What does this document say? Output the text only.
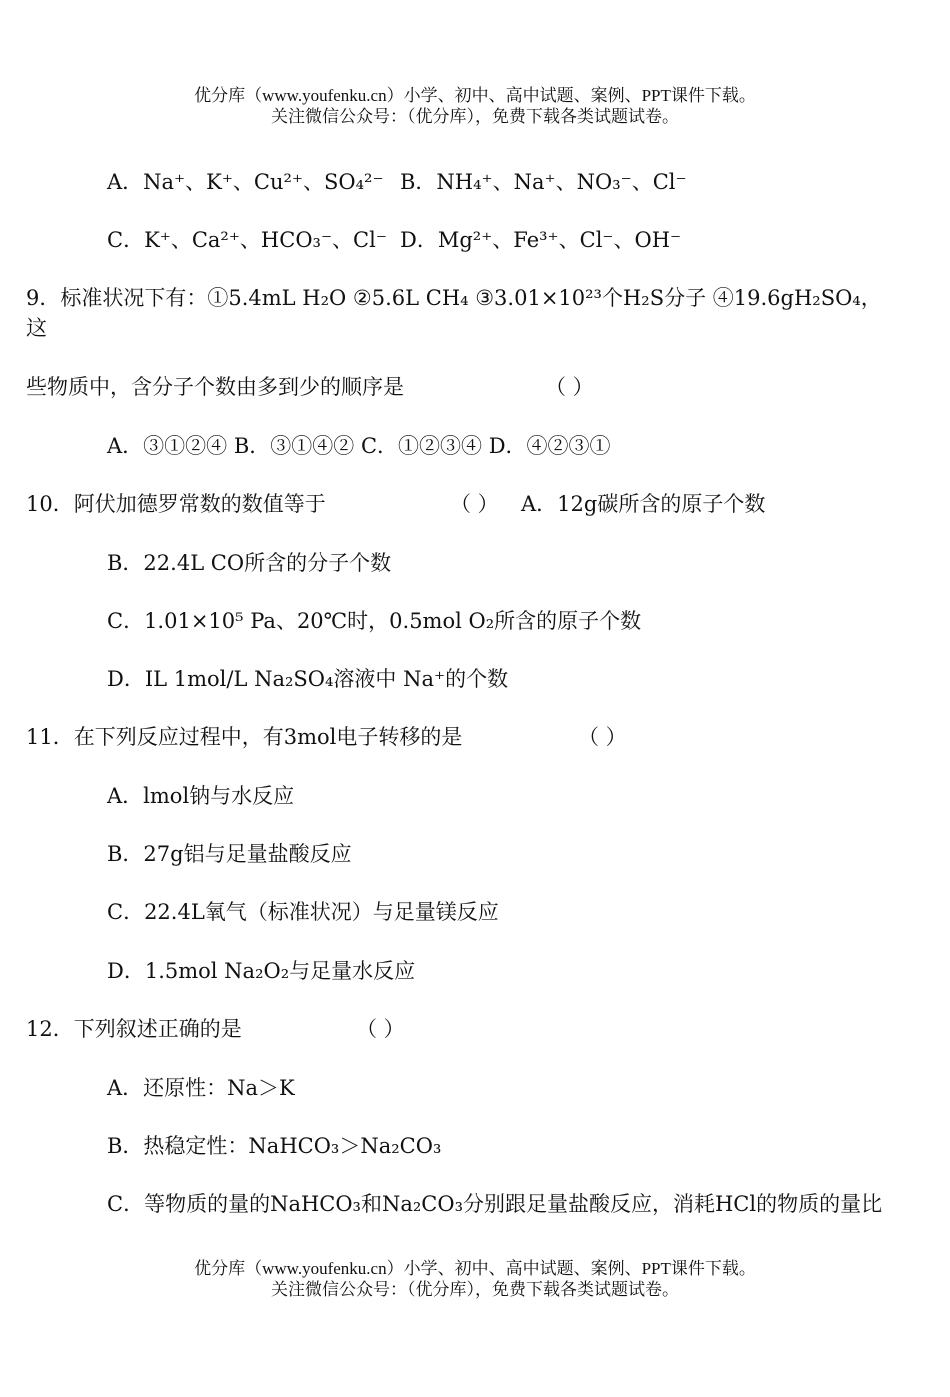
优分库（www.youfenku.cn）小学、初中、高中试题、案例、PPT课件下载。
关注微信公众号：（优分库），免费下载各类试题试卷。
A．Na⁺、K⁺、Cu²⁺、SO₄²⁻ B．NH₄⁺、Na⁺、NO₃⁻、Cl⁻
C．K⁺、Ca²⁺、HCO₃⁻、Cl⁻ D．Mg²⁺、Fe³⁺、Cl⁻、OH⁻
9．标准状况下有：①5.4mL H₂O ②5.6L CH₄ ③3.01×10²³个H₂S分子 ④19.6gH₂SO₄，
这
些物质中，含分子个数由多到少的顺序是	（ ）
A．③①②④ B．③①④② C．①②③④ D．④②③①
10．阿伏加德罗常数的数值等于	（ ） A．12g碳所含的原子个数
B．22.4L CO所含的分子个数
C．1.01×10⁵ Pa、20℃时，0.5mol O₂所含的原子个数
D．IL 1mol/L Na₂SO₄溶液中 Na⁺的个数
11．在下列反应过程中，有3mol电子转移的是	（ ）
A．lmol钠与水反应
B．27g铝与足量盐酸反应
C．22.4L氧气（标准状况）与足量镁反应
D．1.5mol Na₂O₂与足量水反应
12．下列叙述正确的是	（ ）
A．还原性：Na＞K
B．热稳定性：NaHCO₃＞Na₂CO₃
C．等物质的量的NaHCO₃和Na₂CO₃分别跟足量盐酸反应，消耗HCl的物质的量比
优分库（www.youfenku.cn）小学、初中、高中试题、案例、PPT课件下载。
关注微信公众号：（优分库），免费下载各类试题试卷。
